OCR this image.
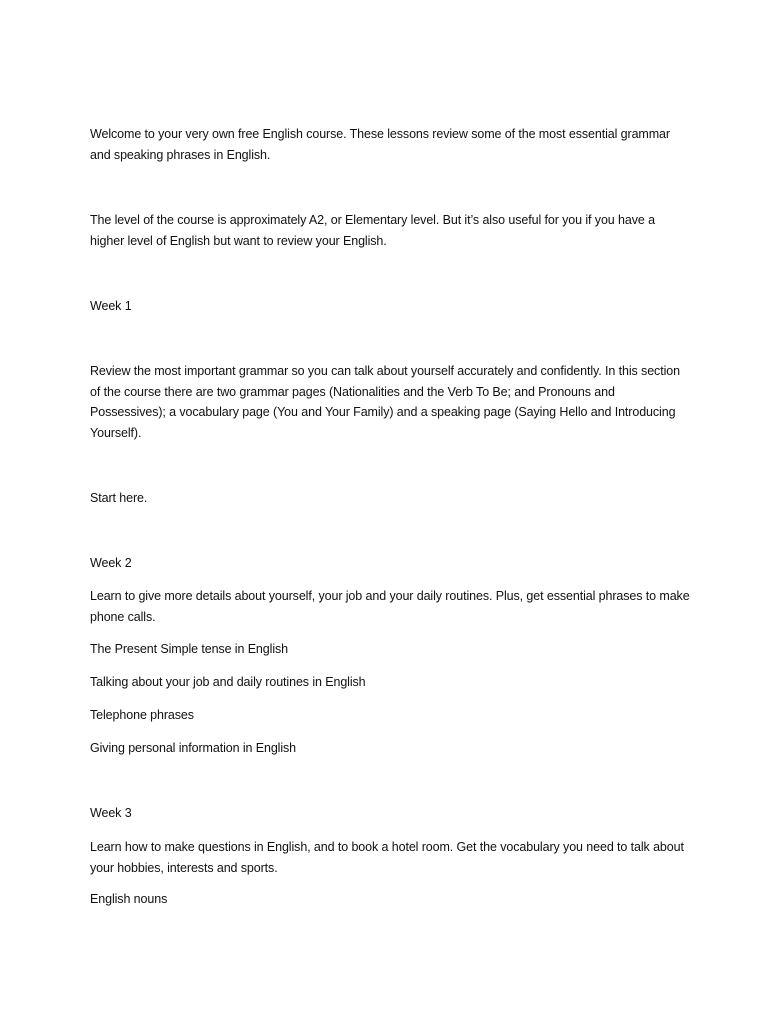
Welcome to your very own free English course. These lessons review some of the most essential grammar and speaking phrases in English.

The level of the course is approximately A2, or Elementary level. But it’s also useful for you if you have a higher level of English but want to review your English.

Week 1

Review the most important grammar so you can talk about yourself accurately and confidently. In this section of the course there are two grammar pages (Nationalities and the Verb To Be; and Pronouns and Possessives); a vocabulary page (You and Your Family) and a speaking page (Saying Hello and Introducing Yourself).

Start here.

Week 2

Learn to give more details about yourself, your job and your daily routines. Plus, get essential phrases to make phone calls.

The Present Simple tense in English

Talking about your job and daily routines in English

Telephone phrases

Giving personal information in English

Week 3

Learn how to make questions in English, and to book a hotel room. Get the vocabulary you need to talk about your hobbies, interests and sports.

English nouns
